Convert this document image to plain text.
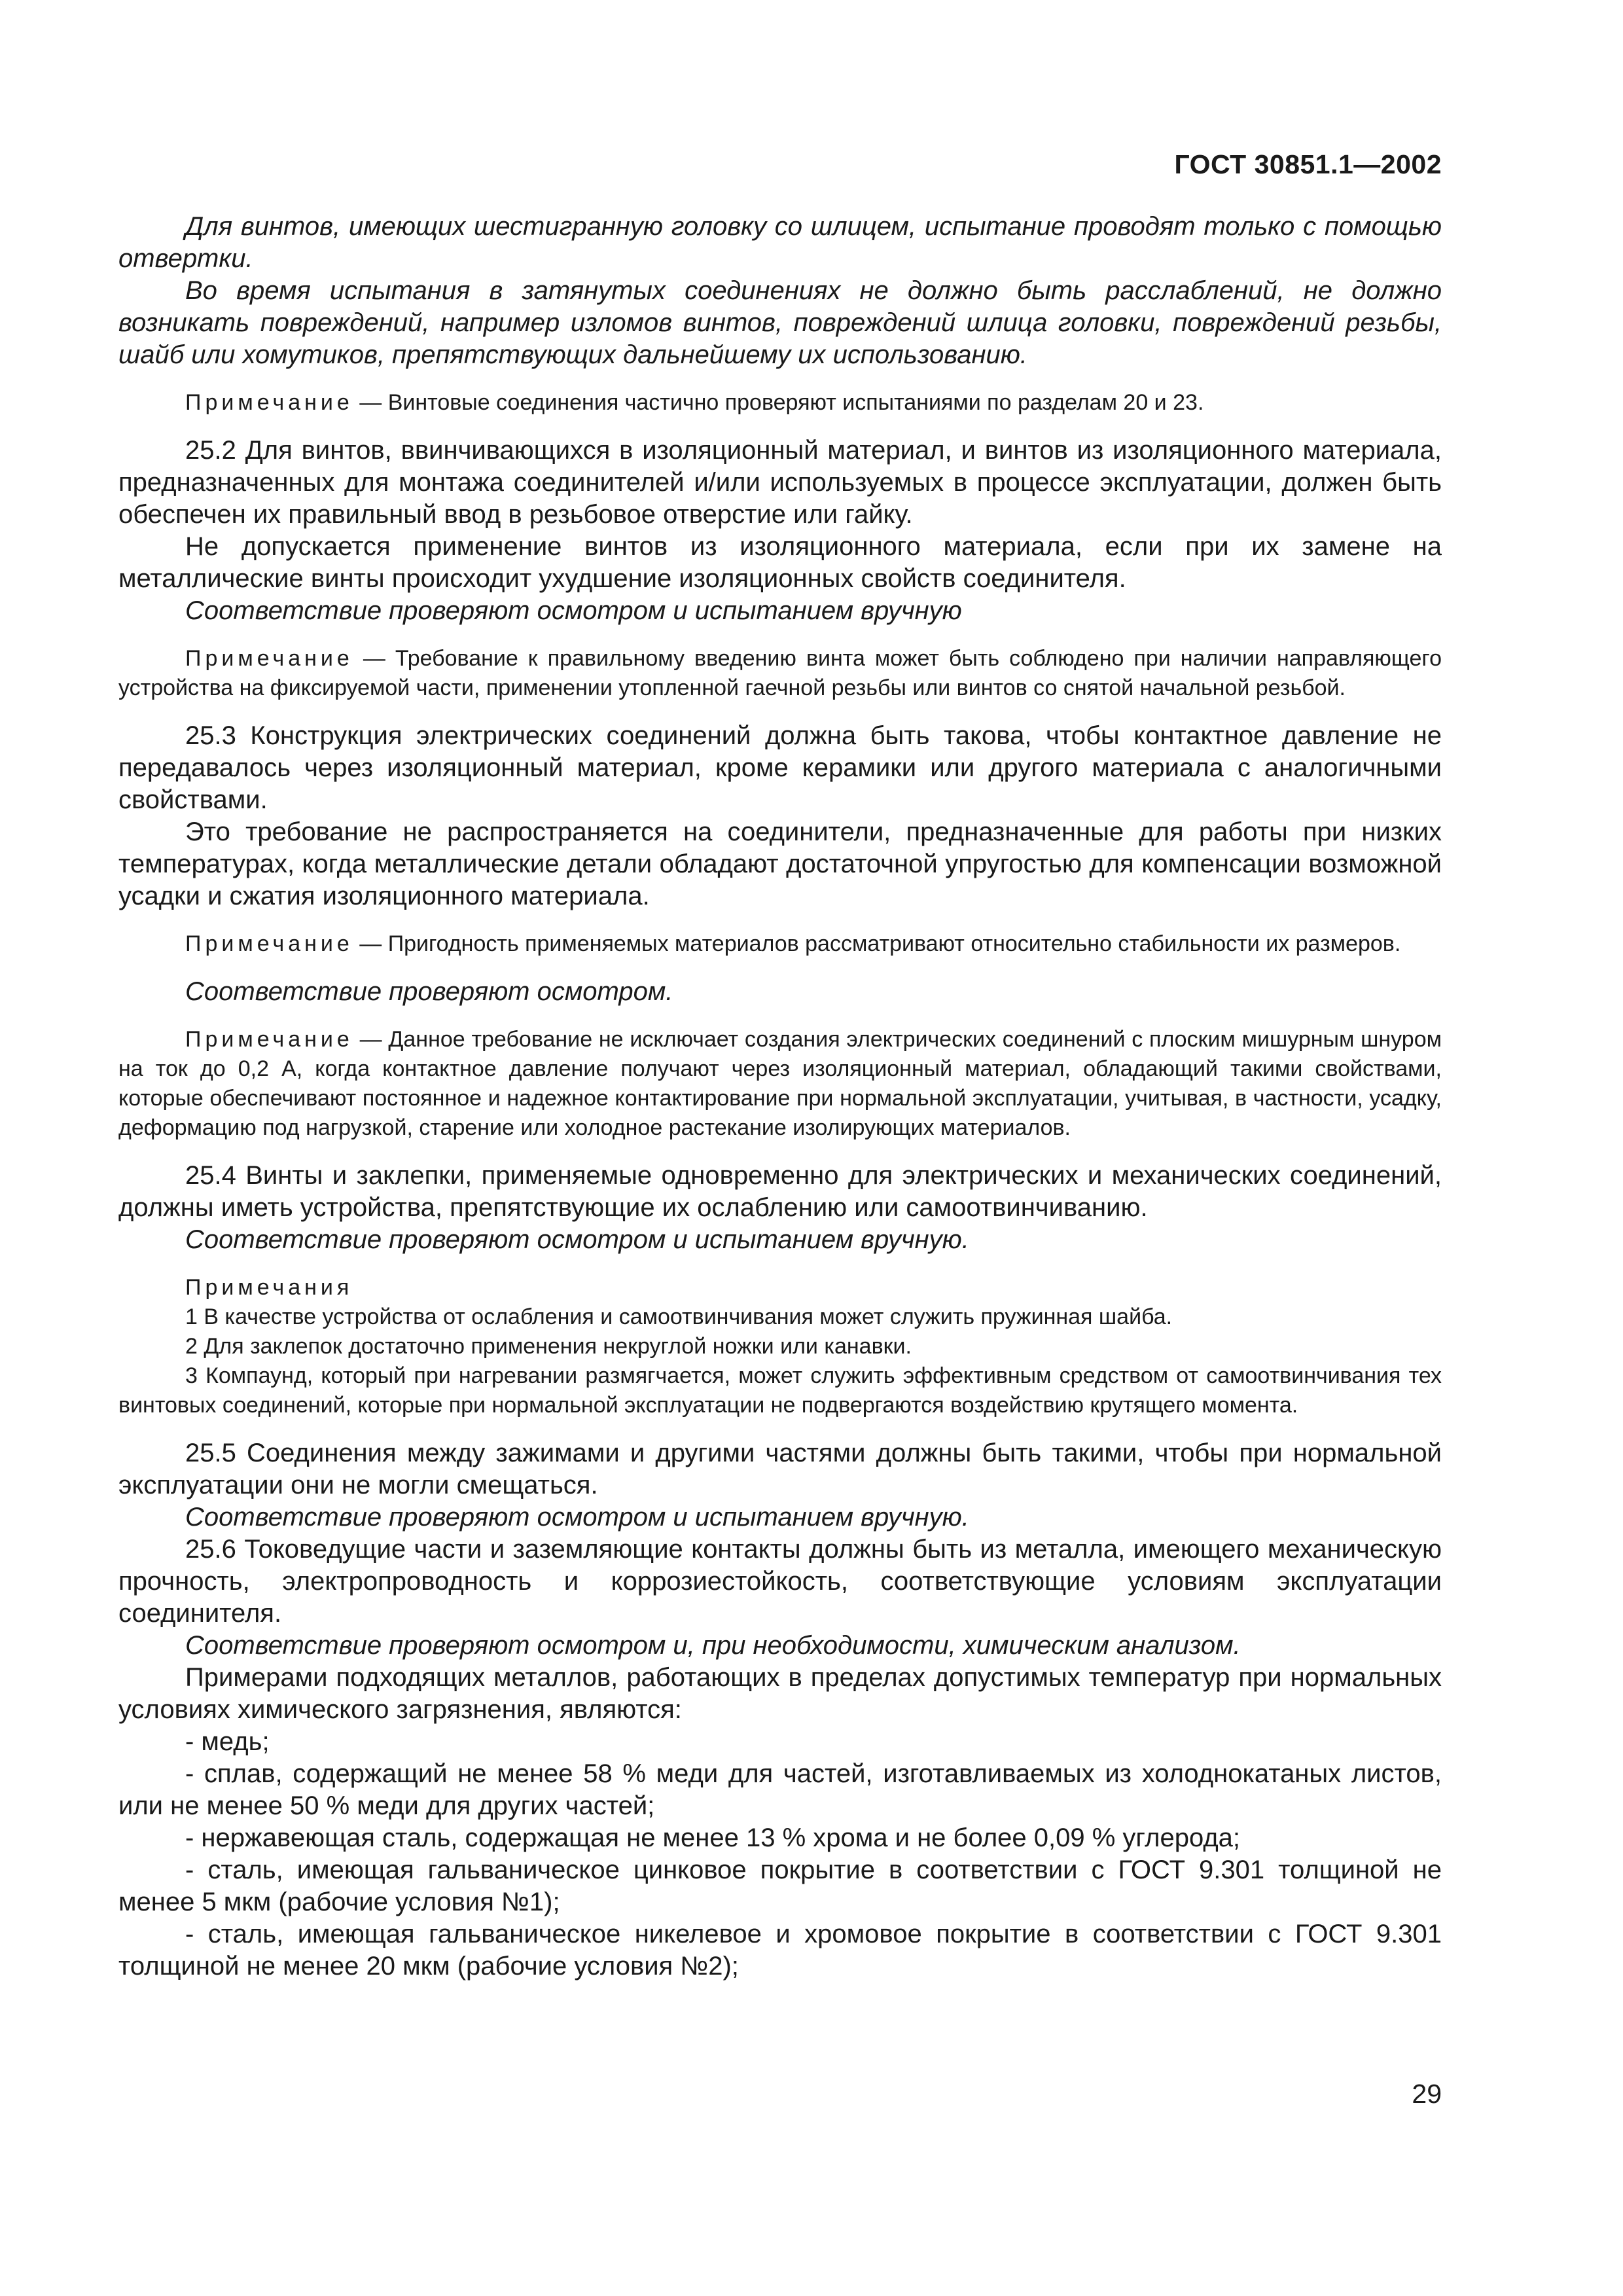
ГОСТ 30851.1—2002

Для винтов, имеющих шестигранную головку со шлицем, испытание проводят только с помощью отвертки.

Во время испытания в затянутых соединениях не должно быть расслаблений, не должно возникать повреждений, например изломов винтов, повреждений шлица головки, повреждений резьбы, шайб или хомутиков, препятствующих дальнейшему их использованию.

Примечание — Винтовые соединения частично проверяют испытаниями по разделам 20 и 23.

25.2 Для винтов, ввинчивающихся в изоляционный материал, и винтов из изоляционного материала, предназначенных для монтажа соединителей и/или используемых в процессе эксплуатации, должен быть обеспечен их правильный ввод в резьбовое отверстие или гайку.

Не допускается применение винтов из изоляционного материала, если при их замене на металлические винты происходит ухудшение изоляционных свойств соединителя.

Соответствие проверяют осмотром и испытанием вручную

Примечание — Требование к правильному введению винта может быть соблюдено при наличии направляющего устройства на фиксируемой части, применении утопленной гаечной резьбы или винтов со снятой начальной резьбой.

25.3 Конструкция электрических соединений должна быть такова, чтобы контактное давление не передавалось через изоляционный материал, кроме керамики или другого материала с аналогичными свойствами.

Это требование не распространяется на соединители, предназначенные для работы при низких температурах, когда металлические детали обладают достаточной упругостью для компенсации возможной усадки и сжатия изоляционного материала.

Примечание — Пригодность применяемых материалов рассматривают относительно стабильности их размеров.

Соответствие проверяют осмотром.

Примечание — Данное требование не исключает создания электрических соединений с плоским мишурным шнуром на ток до 0,2 А, когда контактное давление получают через изоляционный материал, обладающий такими свойствами, которые обеспечивают постоянное и надежное контактирование при нормальной эксплуатации, учитывая, в частности, усадку, деформацию под нагрузкой, старение или холодное растекание изолирующих материалов.

25.4 Винты и заклепки, применяемые одновременно для электрических и механических соединений, должны иметь устройства, препятствующие их ослаблению или самоотвинчиванию.

Соответствие проверяют осмотром и испытанием вручную.

Примечания

1 В качестве устройства от ослабления и самоотвинчивания может служить пружинная шайба.

2 Для заклепок достаточно применения некруглой ножки или канавки.

3 Компаунд, который при нагревании размягчается, может служить эффективным средством от самоотвинчивания тех винтовых соединений, которые при нормальной эксплуатации не подвергаются воздействию крутящего момента.

25.5 Соединения между зажимами и другими частями должны быть такими, чтобы при нормальной эксплуатации они не могли смещаться.

Соответствие проверяют осмотром и испытанием вручную.

25.6 Токоведущие части и заземляющие контакты должны быть из металла, имеющего механическую прочность, электропроводность и коррозиестойкость, соответствующие условиям эксплуатации соединителя.

Соответствие проверяют осмотром и, при необходимости, химическим анализом.

Примерами подходящих металлов, работающих в пределах допустимых температур при нормальных условиях химического загрязнения, являются:

- медь;

- сплав, содержащий не менее 58 % меди для частей, изготавливаемых из холоднокатаных листов, или не менее 50 % меди для других частей;

- нержавеющая сталь, содержащая не менее 13 % хрома и не более 0,09 % углерода;

- сталь, имеющая гальваническое цинковое покрытие в соответствии с ГОСТ 9.301 толщиной не менее 5 мкм (рабочие условия №1);

- сталь, имеющая гальваническое никелевое и хромовое покрытие в соответствии с ГОСТ 9.301 толщиной не менее 20 мкм (рабочие условия №2);

29
